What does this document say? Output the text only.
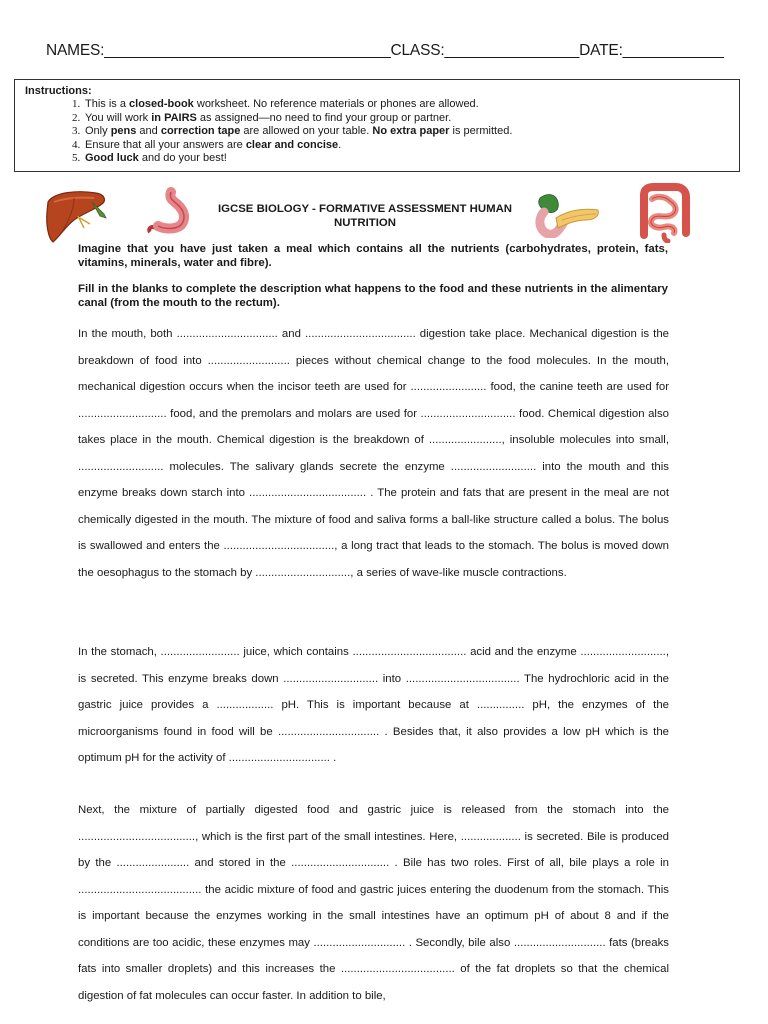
NAMES:__________________________________CLASS:________________DATE:____________
Instructions:
1. This is a closed-book worksheet. No reference materials or phones are allowed.
2. You will work in PAIRS as assigned—no need to find your group or partner.
3. Only pens and correction tape are allowed on your table. No extra paper is permitted.
4. Ensure that all your answers are clear and concise.
5. Good luck and do your best!
IGCSE BIOLOGY - FORMATIVE ASSESSMENT HUMAN
NUTRITION
Imagine that you have just taken a meal which contains all the nutrients (carbohydrates, protein, fats, vitamins, minerals, water and fibre).
Fill in the blanks to complete the description what happens to the food and these nutrients in the alimentary canal (from the mouth to the rectum).

In the mouth, both ................................ and ................................... digestion take place. Mechanical digestion is the breakdown of food into .......................... pieces without chemical change to the food molecules. In the mouth, mechanical digestion occurs when the incisor teeth are used for ........................ food, the canine teeth are used for ............................ food, and the premolars and molars are used for .............................. food. Chemical digestion also takes place in the mouth. Chemical digestion is the breakdown of ......................., insoluble molecules into small, ........................... molecules. The salivary glands secrete the enzyme ........................... into the mouth and this enzyme breaks down starch into ..................................... . The protein and fats that are present in the meal are not chemically digested in the mouth. The mixture of food and saliva forms a ball-like structure called a bolus. The bolus is swallowed and enters the ..................................., a long tract that leads to the stomach. The bolus is moved down the oesophagus to the stomach by .............................., a series of wave-like muscle contractions.

In the stomach, ......................... juice, which contains .................................... acid and the enzyme ..........................., is secreted. This enzyme breaks down .............................. into .................................... The hydrochloric acid in the gastric juice provides a .................. pH. This is important because at ............... pH, the enzymes of the microorganisms found in food will be ................................ . Besides that, it also provides a low pH which is the optimum pH for the activity of ................................ .

Next, the mixture of partially digested food and gastric juice is released from the stomach into the ....................................., which is the first part of the small intestines. Here, ................... is secreted. Bile is produced by the ....................... and stored in the ............................... . Bile has two roles. First of all, bile plays a role in ....................................... the acidic mixture of food and gastric juices entering the duodenum from the stomach. This is important because the enzymes working in the small intestines have an optimum pH of about 8 and if the conditions are too acidic, these enzymes may ............................. . Secondly, bile also ............................. fats (breaks fats into smaller droplets) and this increases the .................................... of the fat droplets so that the chemical digestion of fat molecules can occur faster. In addition to bile,
